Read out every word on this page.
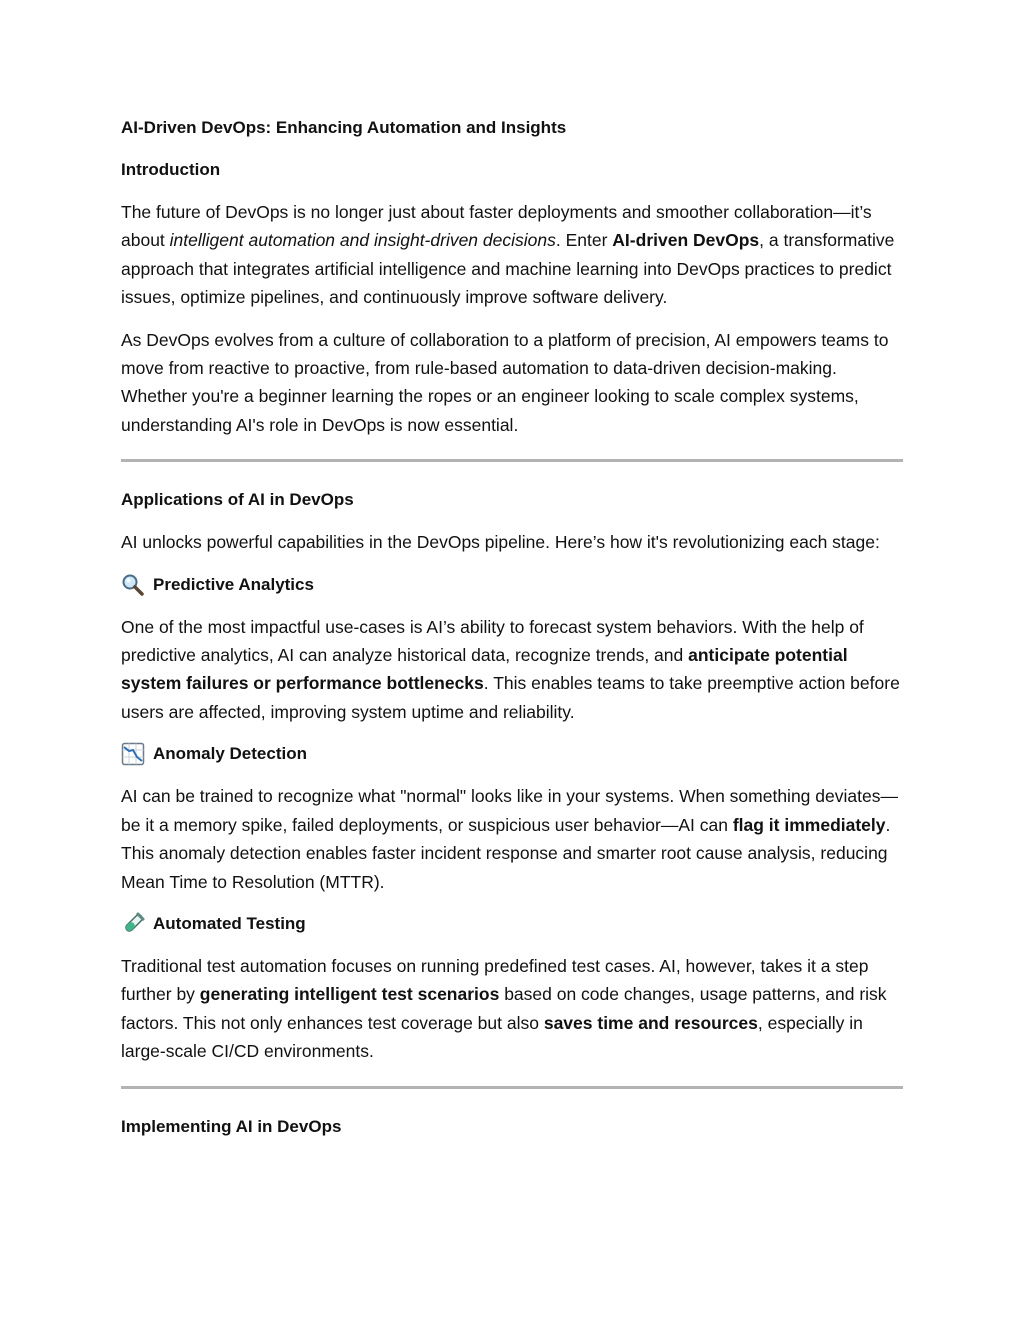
AI-Driven DevOps: Enhancing Automation and Insights
Introduction

The future of DevOps is no longer just about faster deployments and smoother collaboration—it’s about intelligent automation and insight-driven decisions. Enter AI-driven DevOps, a transformative approach that integrates artificial intelligence and machine learning into DevOps practices to predict issues, optimize pipelines, and continuously improve software delivery.

As DevOps evolves from a culture of collaboration to a platform of precision, AI empowers teams to move from reactive to proactive, from rule-based automation to data-driven decision-making. Whether you're a beginner learning the ropes or an engineer looking to scale complex systems, understanding AI's role in DevOps is now essential.

Applications of AI in DevOps

AI unlocks powerful capabilities in the DevOps pipeline. Here’s how it's revolutionizing each stage:

Predictive Analytics

One of the most impactful use-cases is AI’s ability to forecast system behaviors. With the help of predictive analytics, AI can analyze historical data, recognize trends, and anticipate potential system failures or performance bottlenecks. This enables teams to take preemptive action before users are affected, improving system uptime and reliability.

Anomaly Detection

AI can be trained to recognize what "normal" looks like in your systems. When something deviates—be it a memory spike, failed deployments, or suspicious user behavior—AI can flag it immediately. This anomaly detection enables faster incident response and smarter root cause analysis, reducing Mean Time to Resolution (MTTR).

Automated Testing

Traditional test automation focuses on running predefined test cases. AI, however, takes it a step further by generating intelligent test scenarios based on code changes, usage patterns, and risk factors. This not only enhances test coverage but also saves time and resources, especially in large-scale CI/CD environments.

Implementing AI in DevOps
